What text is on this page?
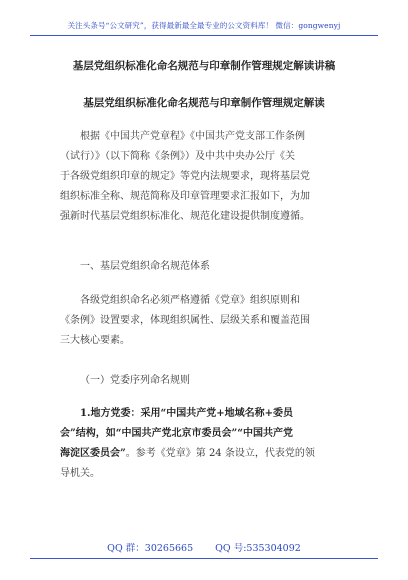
关注头条号“公文研究”，获得最新最全最专业的公文资料库！ 微信：gongwenyj
基层党组织标准化命名规范与印章制作管理规定解读讲稿
基层党组织标准化命名规范与印章制作管理规定解读
根据《中国共产党章程》《中国共产党支部工作条例
（试行）》（以下简称《条例》）及中共中央办公厅《关
于各级党组织印章的规定》等党内法规要求，现将基层党
组织标准全称、规范简称及印章管理要求汇报如下，为加
强新时代基层党组织标准化、规范化建设提供制度遵循。
一、基层党组织命名规范体系
各级党组织命名必须严格遵循《党章》组织原则和
《条例》设置要求，体现组织属性、层级关系和覆盖范围
三大核心要素。
（一）党委序列命名规则
1.地方党委：采用“中国共产党+地域名称+委员
会”结构，如“中国共产党北京市委员会”“中国共产党
海淀区委员会”。参考《党章》第 24 条设立，代表党的领
导机关。
QQ 群：30265665 QQ 号:535304092
